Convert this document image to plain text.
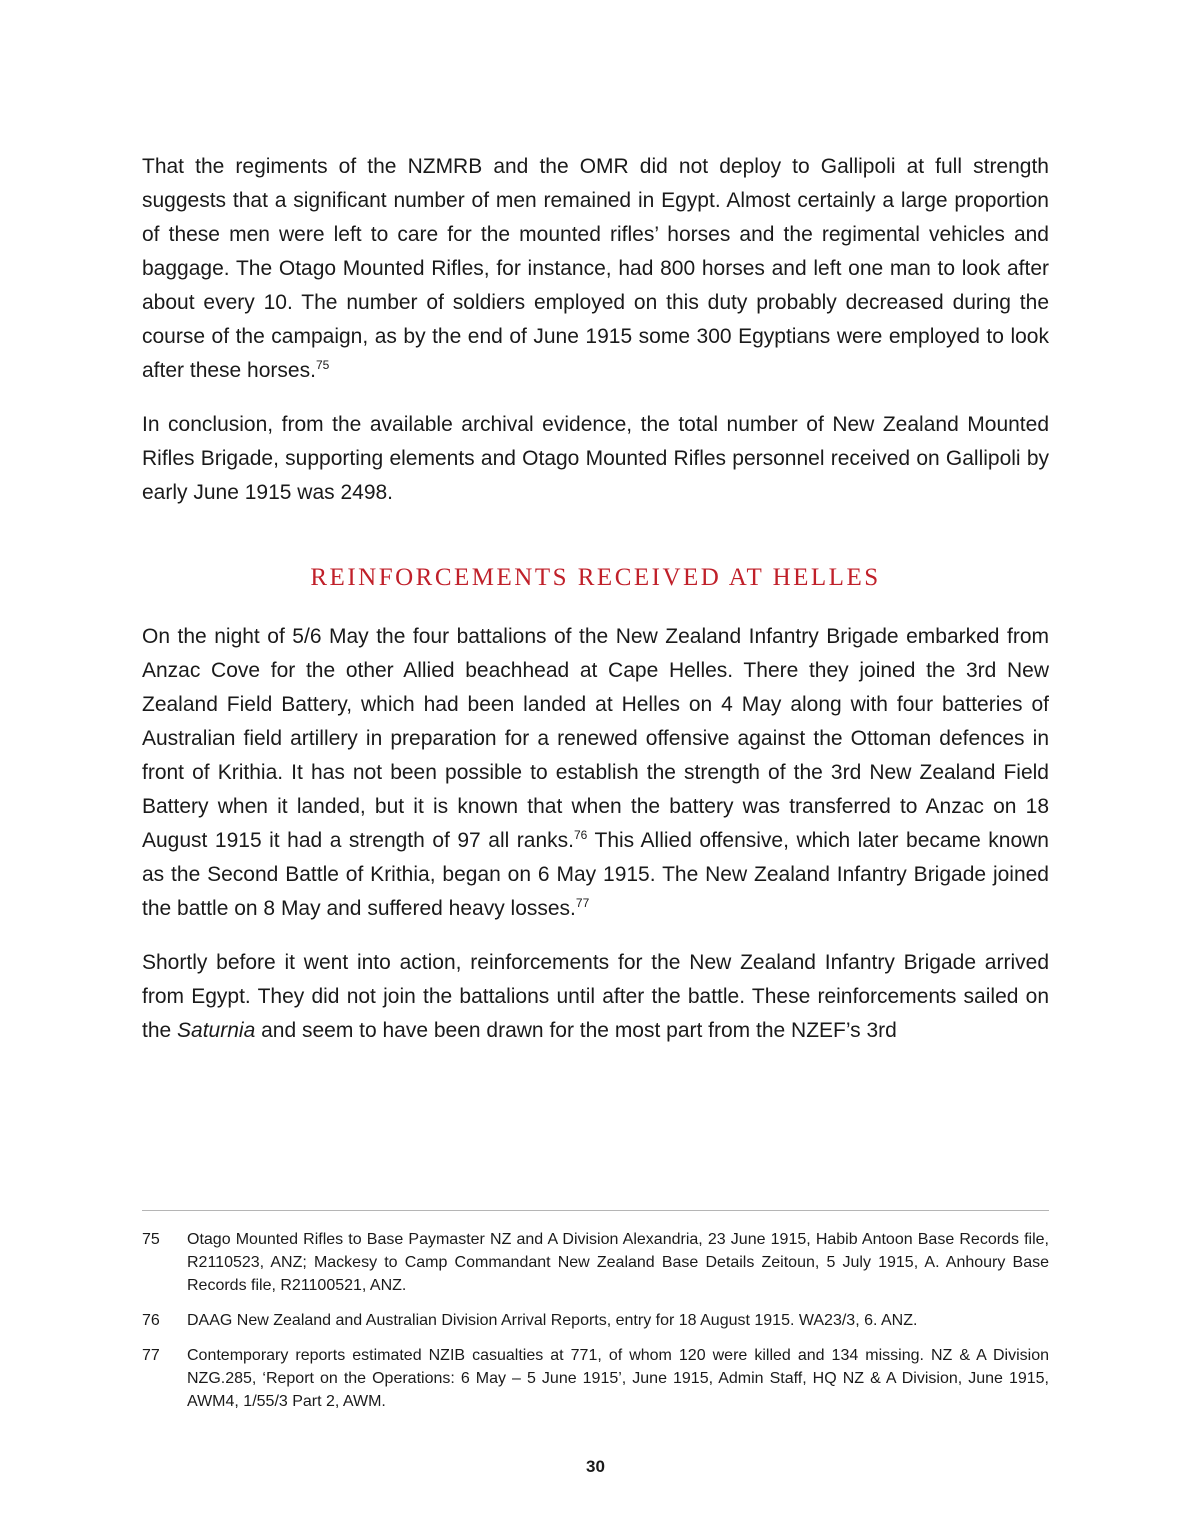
That the regiments of the NZMRB and the OMR did not deploy to Gallipoli at full strength suggests that a significant number of men remained in Egypt. Almost certainly a large proportion of these men were left to care for the mounted rifles’ horses and the regimental vehicles and baggage. The Otago Mounted Rifles, for instance, had 800 horses and left one man to look after about every 10. The number of soldiers employed on this duty probably decreased during the course of the campaign, as by the end of June 1915 some 300 Egyptians were employed to look after these horses.$^{75}$

In conclusion, from the available archival evidence, the total number of New Zealand Mounted Rifles Brigade, supporting elements and Otago Mounted Rifles personnel received on Gallipoli by early June 1915 was 2498.

REINFORCEMENTS RECEIVED AT HELLES

On the night of 5/6 May the four battalions of the New Zealand Infantry Brigade embarked from Anzac Cove for the other Allied beachhead at Cape Helles. There they joined the 3rd New Zealand Field Battery, which had been landed at Helles on 4 May along with four batteries of Australian field artillery in preparation for a renewed offensive against the Ottoman defences in front of Krithia. It has not been possible to establish the strength of the 3rd New Zealand Field Battery when it landed, but it is known that when the battery was transferred to Anzac on 18 August 1915 it had a strength of 97 all ranks.$^{76}$ This Allied offensive, which later became known as the Second Battle of Krithia, began on 6 May 1915. The New Zealand Infantry Brigade joined the battle on 8 May and suffered heavy losses.$^{77}$

Shortly before it went into action, reinforcements for the New Zealand Infantry Brigade arrived from Egypt. They did not join the battalions until after the battle. These reinforcements sailed on the Saturnia and seem to have been drawn for the most part from the NZEF’s 3rd

75	Otago Mounted Rifles to Base Paymaster NZ and A Division Alexandria, 23 June 1915, Habib Antoon Base Records file, R2110523, ANZ; Mackesy to Camp Commandant New Zealand Base Details Zeitoun, 5 July 1915, A. Anhoury Base Records file, R21100521, ANZ.
76	DAAG New Zealand and Australian Division Arrival Reports, entry for 18 August 1915. WA23/3, 6. ANZ.
77	Contemporary reports estimated NZIB casualties at 771, of whom 120 were killed and 134 missing. NZ & A Division NZG.285, ‘Report on the Operations: 6 May – 5 June 1915’, June 1915, Admin Staff, HQ NZ & A Division, June 1915, AWM4, 1/55/3 Part 2, AWM.
30
